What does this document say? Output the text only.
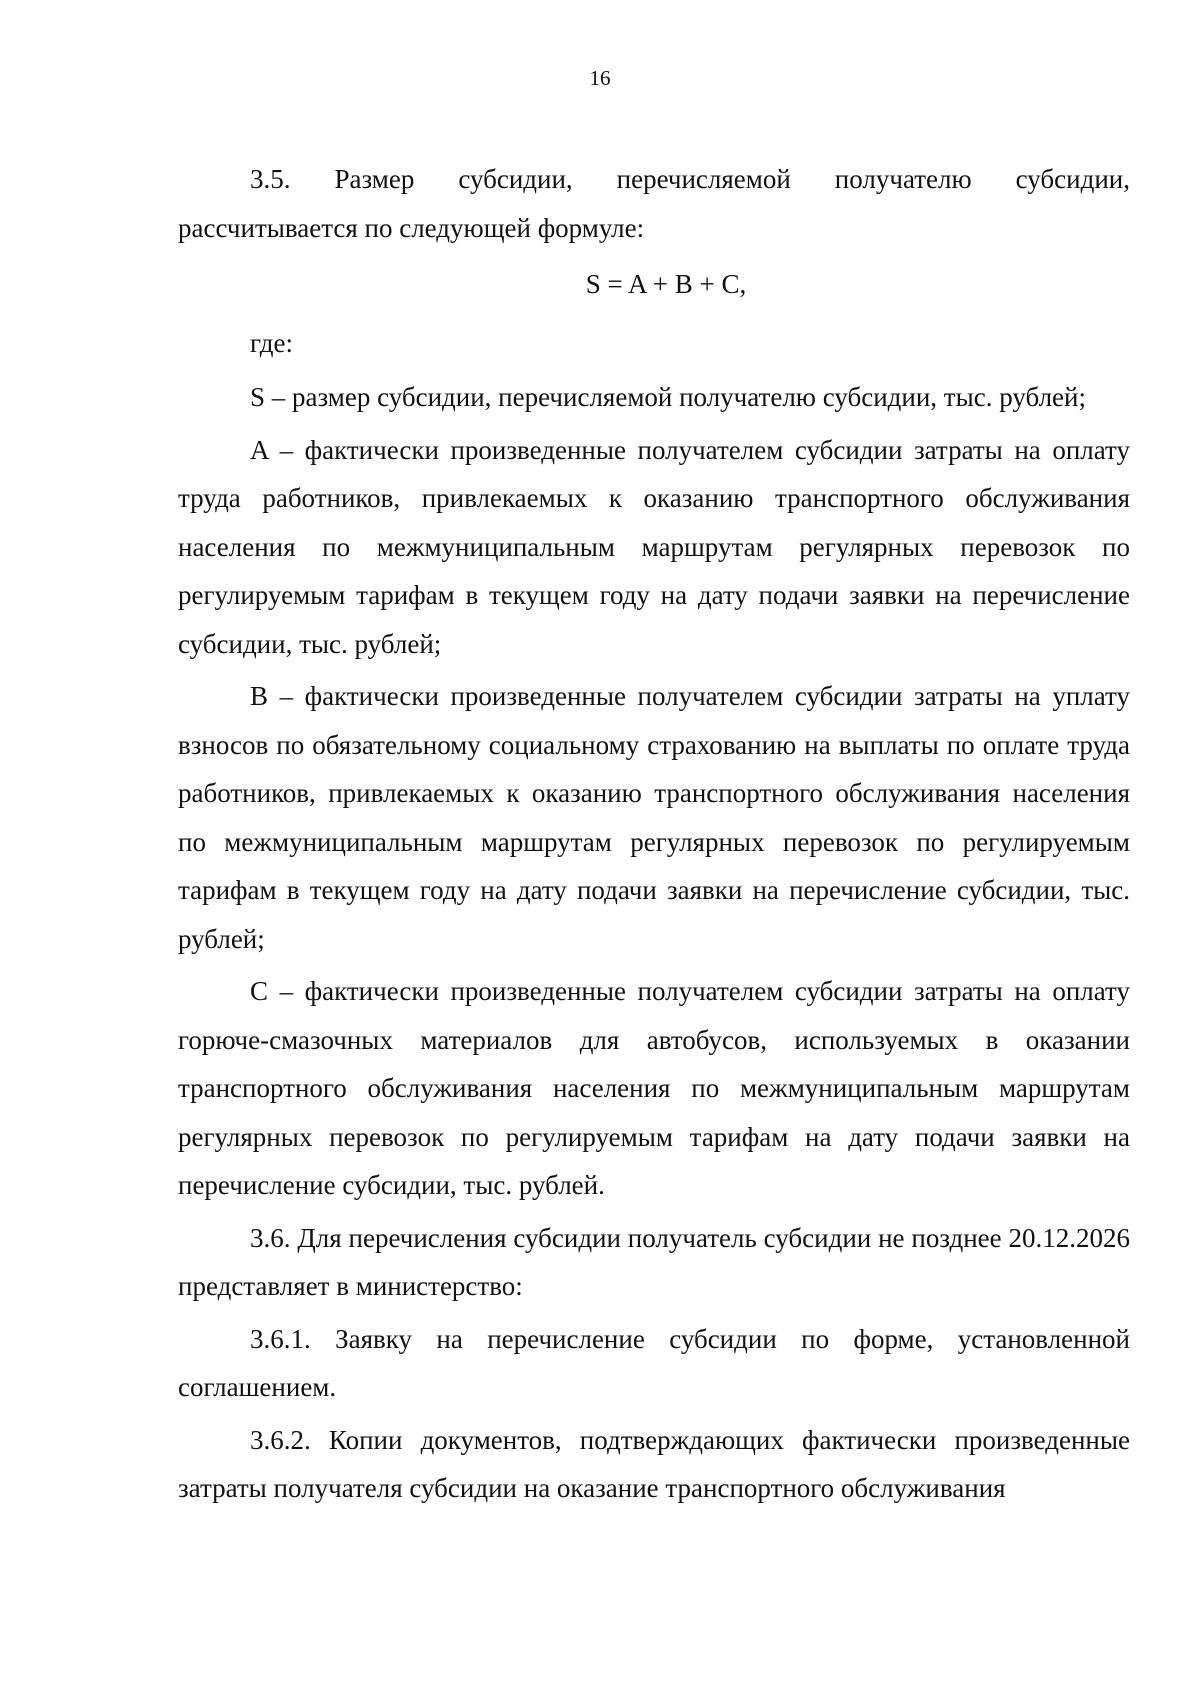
16

3.5. Размер субсидии, перечисляемой получателю субсидии, рассчитывается по следующей формуле:

S = A + B + C,

где:

S – размер субсидии, перечисляемой получателю субсидии, тыс. рублей;

A – фактически произведенные получателем субсидии затраты на оплату труда работников, привлекаемых к оказанию транспортного обслуживания населения по межмуниципальным маршрутам регулярных перевозок по регулируемым тарифам в текущем году на дату подачи заявки на перечисление субсидии, тыс. рублей;

B – фактически произведенные получателем субсидии затраты на уплату взносов по обязательному социальному страхованию на выплаты по оплате труда работников, привлекаемых к оказанию транспортного обслуживания населения по межмуниципальным маршрутам регулярных перевозок по регулируемым тарифам в текущем году на дату подачи заявки на перечисление субсидии, тыс. рублей;

C – фактически произведенные получателем субсидии затраты на оплату горюче-смазочных материалов для автобусов, используемых в оказании транспортного обслуживания населения по межмуниципальным маршрутам регулярных перевозок по регулируемым тарифам на дату подачи заявки на перечисление субсидии, тыс. рублей.

3.6. Для перечисления субсидии получатель субсидии не позднее 20.12.2026 представляет в министерство:

3.6.1. Заявку на перечисление субсидии по форме, установленной соглашением.

3.6.2. Копии документов, подтверждающих фактически произведенные затраты получателя субсидии на оказание транспортного обслуживания
